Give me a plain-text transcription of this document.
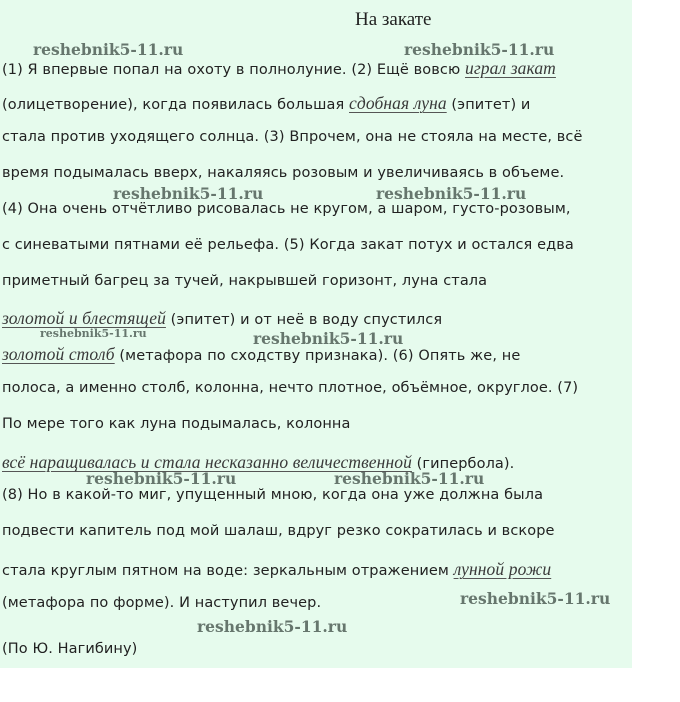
На закате

(1) Я впервые попал на охоту в полнолуние. (2) Ещё вовсю играл закат

(олицетворение), когда появилась большая сдобная луна (эпитет) и

стала против уходящего солнца. (3) Впрочем, она не стояла на месте, всё

время подымалась вверх, накаляясь розовым и увеличиваясь в объеме.

(4) Она очень отчётливо рисовалась не кругом, а шаром, густо-розовым,

с синеватыми пятнами её рельефа. (5) Когда закат потух и остался едва

приметный багрец за тучей, накрывшей горизонт, луна стала

золотой и блестящей (эпитет) и от неё в воду спустился

золотой столб (метафора по сходству признака). (6) Опять же, не

полоса, а именно столб, колонна, нечто плотное, объёмное, округлое. (7)

По мере того как луна подымалась, колонна

всё наращивалась и стала несказанно величественной (гипербола).

(8) Но в какой-то миг, упущенный мною, когда она уже должна была

подвести капитель под мой шалаш, вдруг резко сократилась и вскоре

стала круглым пятном на воде: зеркальным отражением лунной рожи

(метафора по форме). И наступил вечер.

(По Ю. Нагибину)

reshebnik5-11.ru	reshebnik5-11.ru
reshebnik5-11.ru	reshebnik5-11.ru
reshebnik5-11.ru	reshebnik5-11.ru
reshebnik5-11.ru	reshebnik5-11.ru
reshebnik5-11.ru
reshebnik5-11.ru
